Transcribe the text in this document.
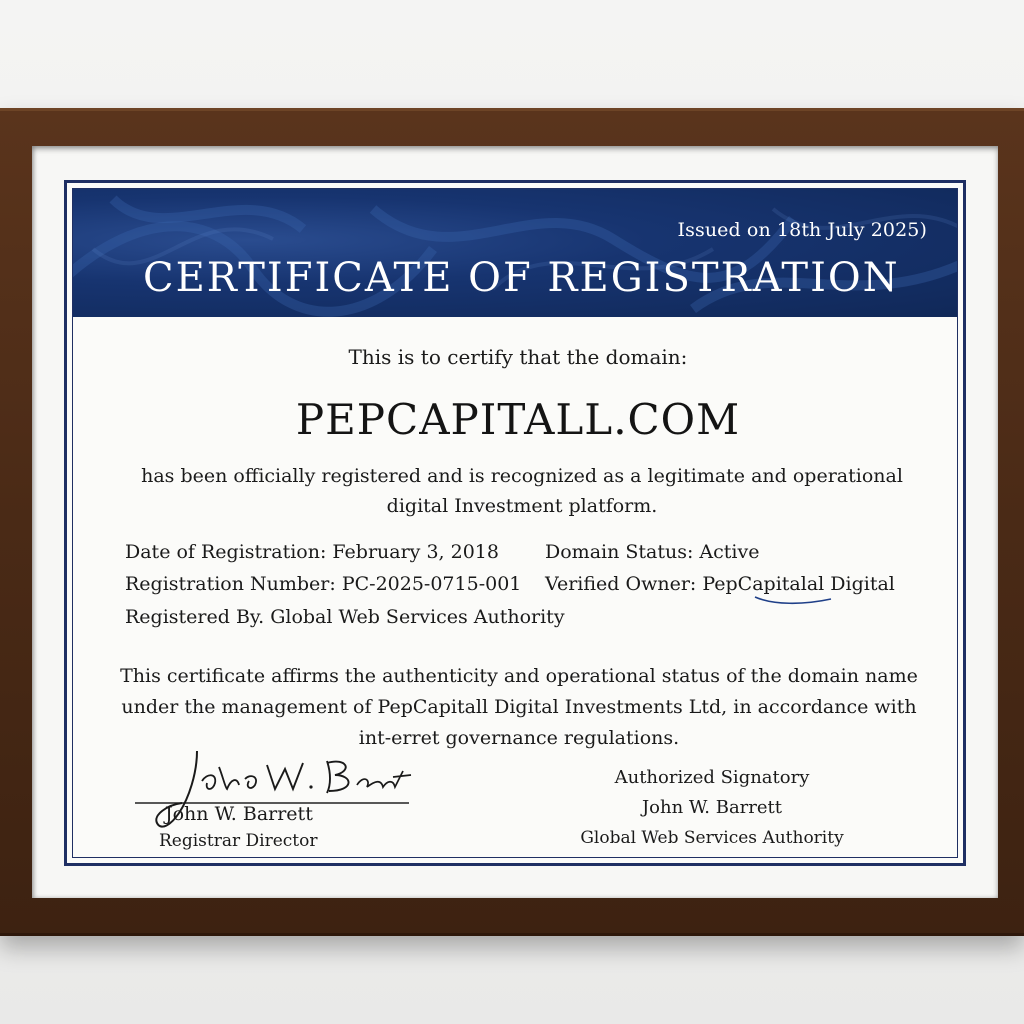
Issued on 18th July 2025)
CERTIFICATE OF REGISTRATION
This is to certify that the domain:
PEPCAPITALL.COM
has been officially registered and is recognized as a legitimate and operational digital Investment platform.
Date of Registration: February 3, 2018
Registration Number: PC-2025-0715-001
Registered By. Global Web Services Authority
Domain Status: Active
Verified Owner: PepCapitalal Digital
This certificate affirms the authenticity and operational status of the domain name under the management of PepCapitall Digital Investments Ltd, in accordance with int-erret governance regulations.
John W. Barrett
Registrar Director
Authorized Signatory
John W. Barrett
Global Web Services Authority
